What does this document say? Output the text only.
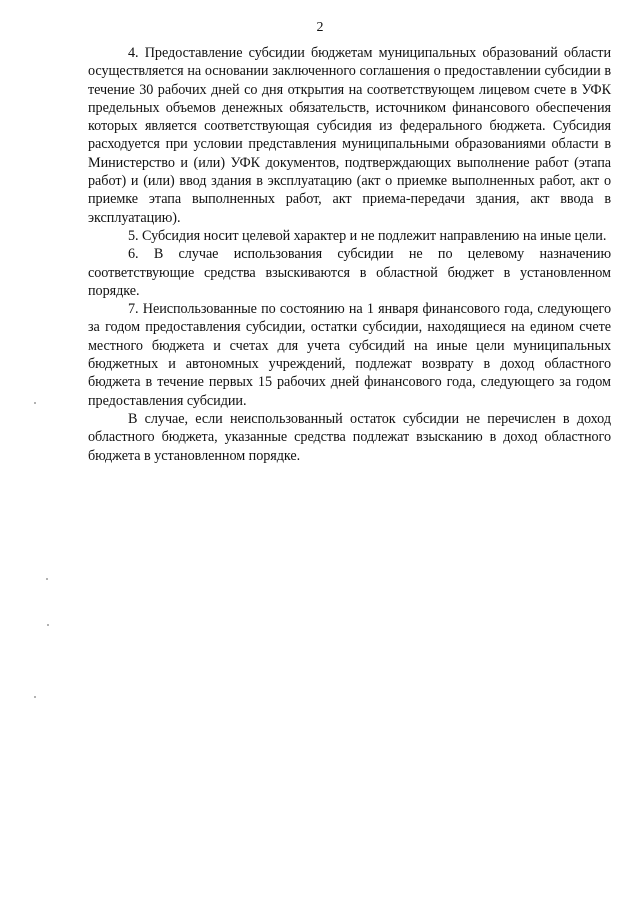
2

4. Предоставление субсидии бюджетам муниципальных образований области осуществляется на основании заключенного соглашения о предоставлении субсидии в течение 30 рабочих дней со дня открытия на соответствующем лицевом счете в УФК предельных объемов денежных обязательств, источником финансового обеспечения которых является соответствующая субсидия из федерального бюджета. Субсидия расходуется при условии представления муниципальными образованиями области в Министерство и (или) УФК документов, подтверждающих выполнение работ (этапа работ) и (или) ввод здания в эксплуатацию (акт о приемке выполненных работ, акт о приемке этапа выполненных работ, акт приема-передачи здания, акт ввода в эксплуатацию).

5. Субсидия носит целевой характер и не подлежит направлению на иные цели.

6. В случае использования субсидии не по целевому назначению соответствующие средства взыскиваются в областной бюджет в установленном порядке.

7. Неиспользованные по состоянию на 1 января финансового года, следующего за годом предоставления субсидии, остатки субсидии, находящиеся на едином счете местного бюджета и счетах для учета субсидий на иные цели муниципальных бюджетных и автономных учреждений, подлежат возврату в доход областного бюджета в течение первых 15 рабочих дней финансового года, следующего за годом предоставления субсидии.

В случае, если неиспользованный остаток субсидии не перечислен в доход областного бюджета, указанные средства подлежат взысканию в доход областного бюджета в установленном порядке.
